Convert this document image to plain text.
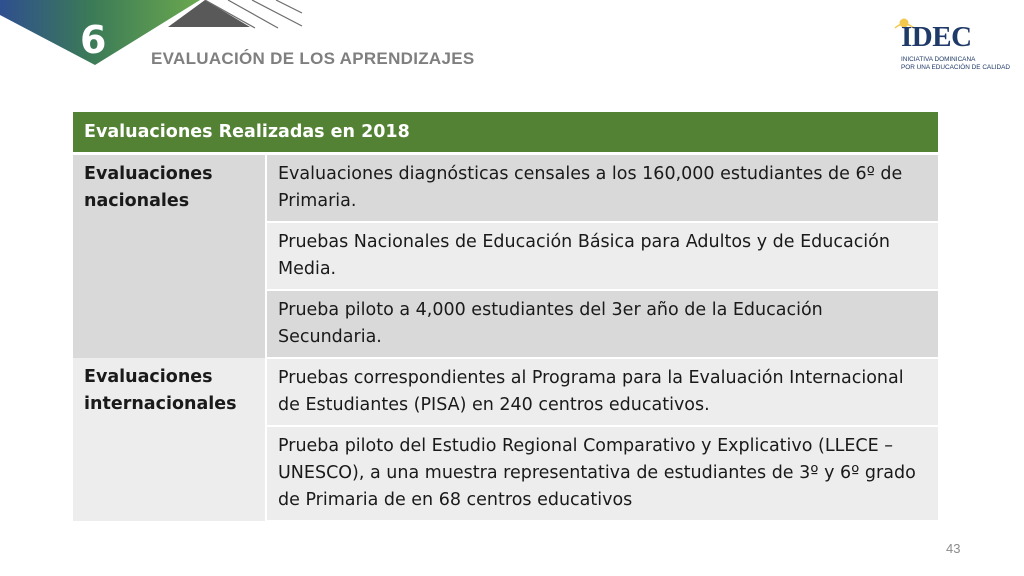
6	EVALUACIÓN DE LOS APRENDIZAJES
IDEC
INICIATIVA DOMINICANA
POR UNA EDUCACIÓN DE CALIDAD
Evaluaciones Realizadas en 2018	
Evaluaciones nacionales	Evaluaciones diagnósticas censales a los 160,000 estudiantes de 6º de Primaria.
	Pruebas Nacionales de Educación Básica para Adultos y de Educación Media.
	Prueba piloto a 4,000 estudiantes del 3er año de la Educación Secundaria.
Evaluaciones internacionales	Pruebas correspondientes al Programa para la Evaluación Internacional de Estudiantes (PISA) en 240 centros educativos.
	Prueba piloto del Estudio Regional Comparativo y Explicativo (LLECE – UNESCO), a una muestra representativa de estudiantes de 3º y 6º grado de Primaria de en 68 centros educativos
43
